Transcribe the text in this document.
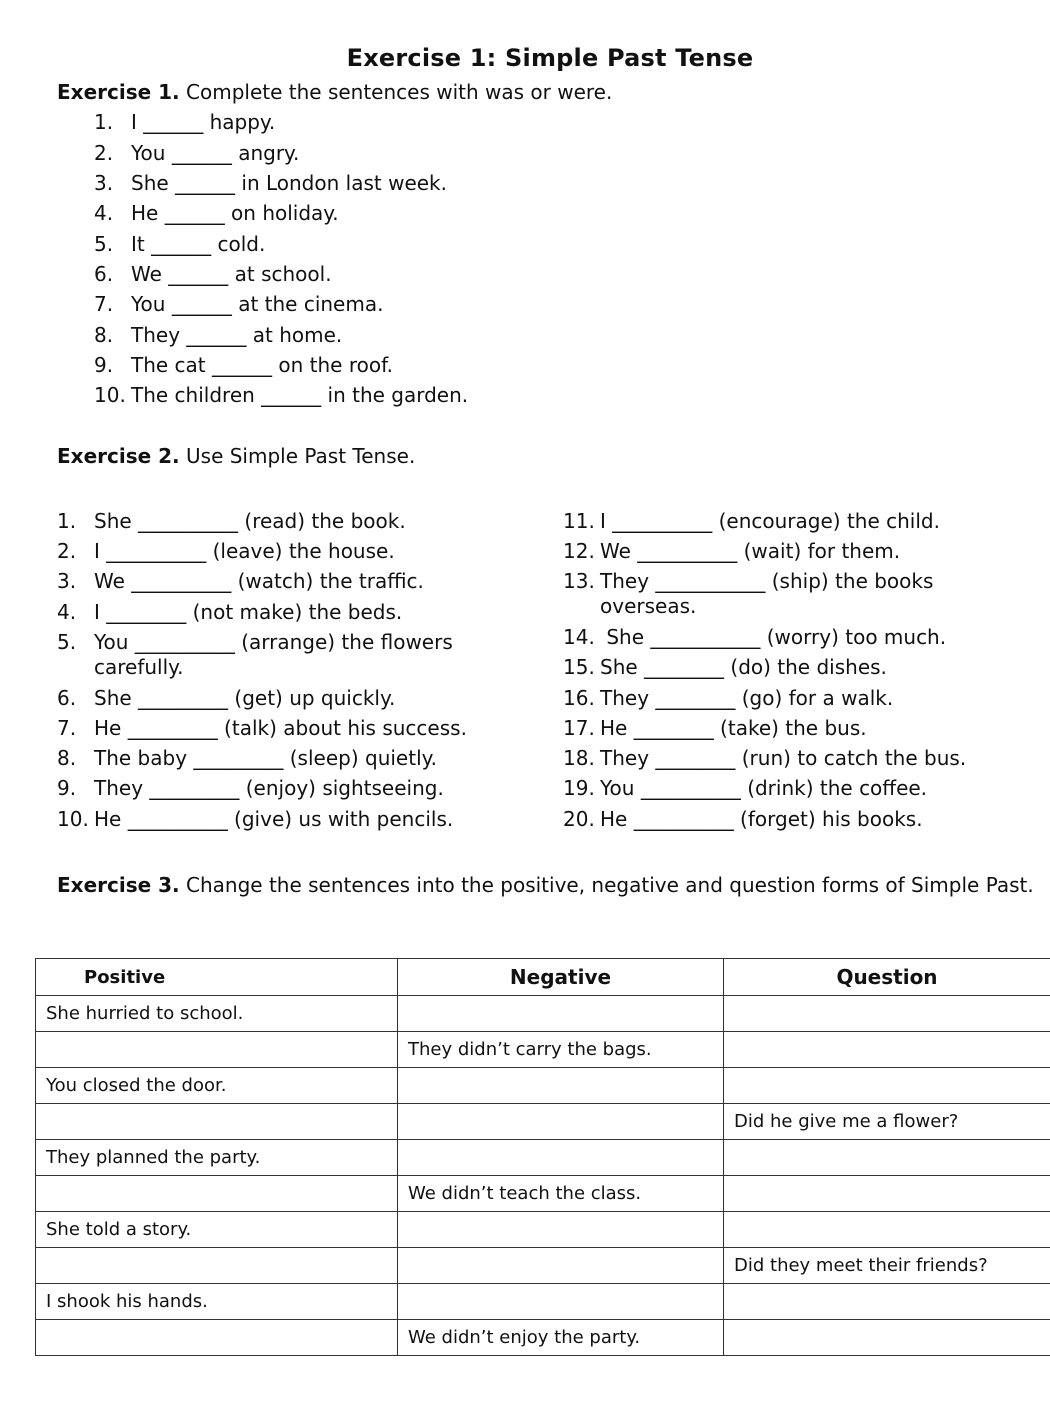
Exercise 1: Simple Past Tense
Exercise 1. Complete the sentences with was or were.
1. I ______ happy.
2. You ______ angry.
3. She ______ in London last week.
4. He ______ on holiday.
5. It ______ cold.
6. We ______ at school.
7. You ______ at the cinema.
8. They ______ at home.
9. The cat ______ on the roof.
10. The children ______ in the garden.
Exercise 2. Use Simple Past Tense.
1. She __________ (read) the book.
2. I __________ (leave) the house.
3. We __________ (watch) the traffic.
4. I ________ (not make) the beds.
5. You __________ (arrange) the flowers
carefully.
6. She _________ (get) up quickly.
7. He _________ (talk) about his success.
8. The baby _________ (sleep) quietly.
9. They _________ (enjoy) sightseeing.
10. He __________ (give) us with pencils.
11. I __________ (encourage) the child.
12. We __________ (wait) for them.
13. They ___________ (ship) the books
overseas.
14. She ___________ (worry) too much.
15. She ________ (do) the dishes.
16. They ________ (go) for a walk.
17. He ________ (take) the bus.
18. They ________ (run) to catch the bus.
19. You __________ (drink) the coffee.
20. He __________ (forget) his books.
Exercise 3. Change the sentences into the positive, negative and question forms of Simple Past.
Positive	Negative	Question
She hurried to school.		
	They didn’t carry the bags.	
You closed the door.		
		Did he give me a flower?
They planned the party.		
	We didn’t teach the class.	
She told a story.		
		Did they meet their friends?
I shook his hands.		
	We didn’t enjoy the party.	
